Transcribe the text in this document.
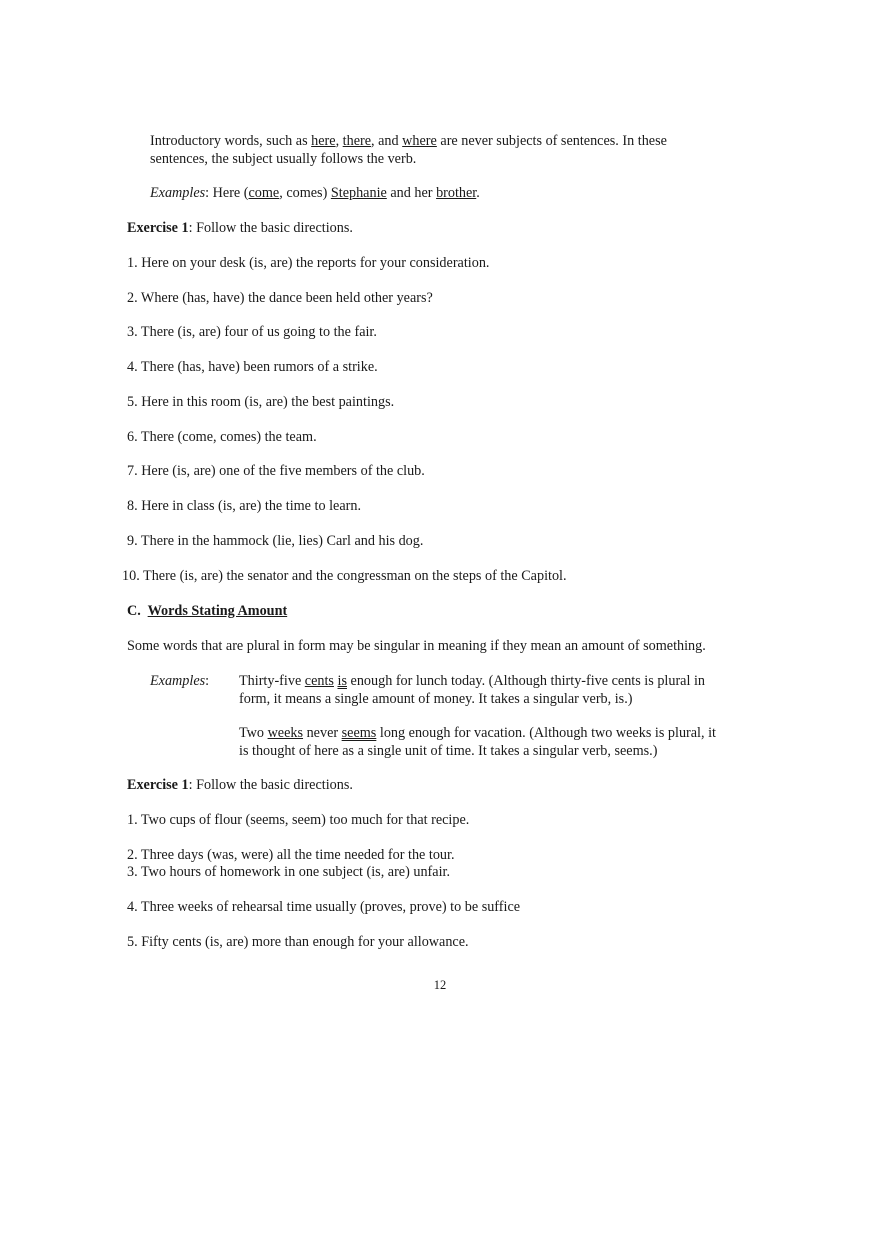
Introductory words, such as here, there, and where are never subjects of sentences. In these
sentences, the subject usually follows the verb.
Examples: Here (come, comes) Stephanie and her brother.
Exercise 1: Follow the basic directions.
1. Here on your desk (is, are) the reports for your consideration.
2. Where (has, have) the dance been held other years?
3. There (is, are) four of us going to the fair.
4. There (has, have) been rumors of a strike.
5. Here in this room (is, are) the best paintings.
6. There (come, comes) the team.
7. Here (is, are) one of the five members of the club.
8. Here in class (is, are) the time to learn.
9. There in the hammock (lie, lies) Carl and his dog.
10. There (is, are) the senator and the congressman on the steps of the Capitol.
C. Words Stating Amount
Some words that are plural in form may be singular in meaning if they mean an amount of something.
Examples: Thirty-five cents is enough for lunch today. (Although thirty-five cents is plural in
form, it means a single amount of money. It takes a singular verb, is.)
Two weeks never seems long enough for vacation. (Although two weeks is plural, it
is thought of here as a single unit of time. It takes a singular verb, seems.)
Exercise 1: Follow the basic directions.
1. Two cups of flour (seems, seem) too much for that recipe.
2. Three days (was, were) all the time needed for the tour.
3. Two hours of homework in one subject (is, are) unfair.
4. Three weeks of rehearsal time usually (proves, prove) to be suffice
5. Fifty cents (is, are) more than enough for your allowance.
12
